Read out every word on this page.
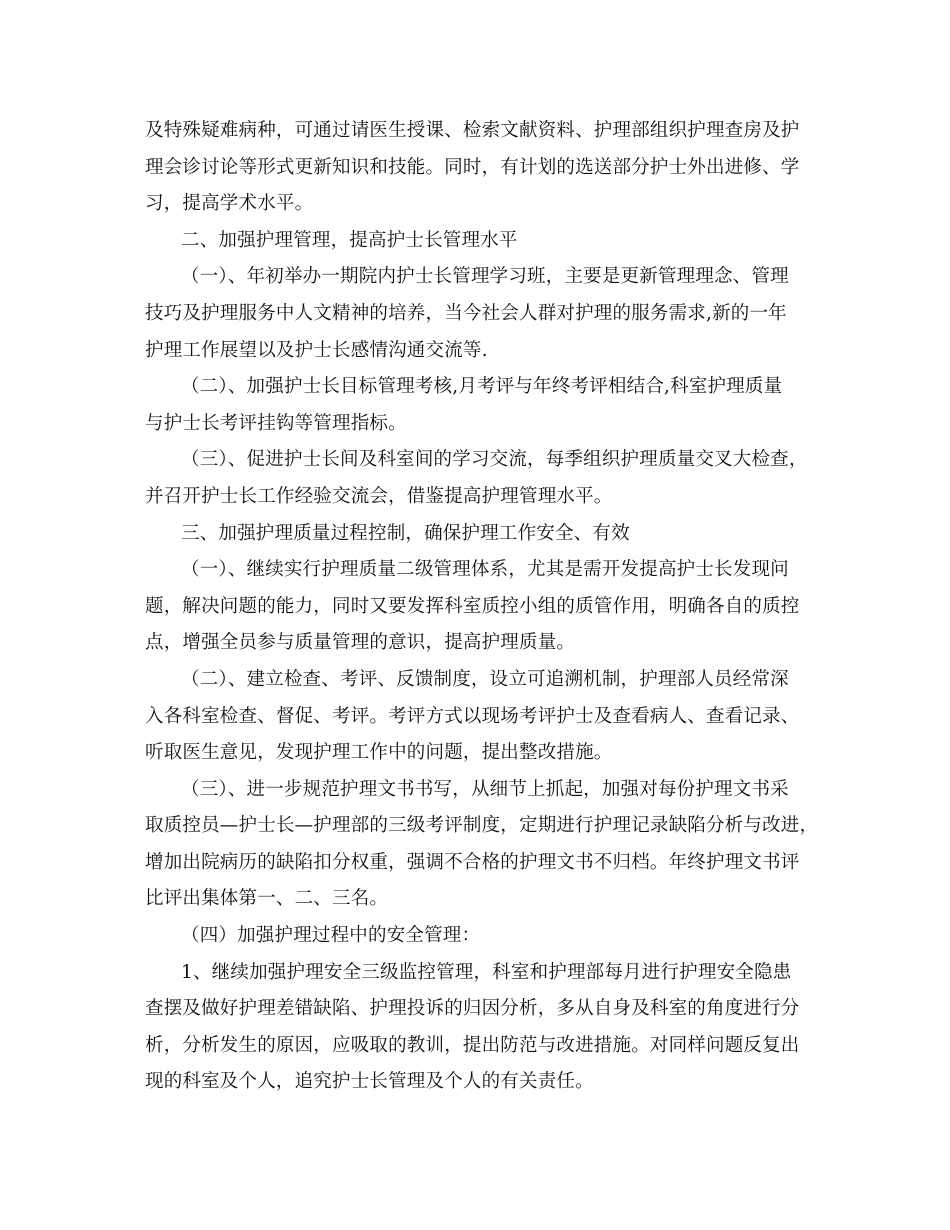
及特殊疑难病种，可通过请医生授课、检索文献资料、护理部组织护理查房及护
理会诊讨论等形式更新知识和技能。同时，有计划的选送部分护士外出进修、学
习，提高学术水平。
二、加强护理管理，提高护士长管理水平
（一）、年初举办一期院内护士长管理学习班，主要是更新管理理念、管理
技巧及护理服务中人文精神的培养，当今社会人群对护理的服务需求,新的一年
护理工作展望以及护士长感情沟通交流等.
（二）、加强护士长目标管理考核,月考评与年终考评相结合,科室护理质量
与护士长考评挂钩等管理指标。
（三）、促进护士长间及科室间的学习交流，每季组织护理质量交叉大检查，
并召开护士长工作经验交流会，借鉴提高护理管理水平。
三、加强护理质量过程控制，确保护理工作安全、有效
（一）、继续实行护理质量二级管理体系，尤其是需开发提高护士长发现问
题，解决问题的能力，同时又要发挥科室质控小组的质管作用，明确各自的质控
点，增强全员参与质量管理的意识，提高护理质量。
（二）、建立检查、考评、反馈制度，设立可追溯机制，护理部人员经常深
入各科室检查、督促、考评。考评方式以现场考评护士及查看病人、查看记录、
听取医生意见，发现护理工作中的问题，提出整改措施。
（三）、进一步规范护理文书书写，从细节上抓起，加强对每份护理文书采
取质控员—护士长—护理部的三级考评制度，定期进行护理记录缺陷分析与改进，
增加出院病历的缺陷扣分权重，强调不合格的护理文书不归档。年终护理文书评
比评出集体第一、二、三名。
（四）加强护理过程中的安全管理：
1、继续加强护理安全三级监控管理，科室和护理部每月进行护理安全隐患
查摆及做好护理差错缺陷、护理投诉的归因分析，多从自身及科室的角度进行分
析，分析发生的原因，应吸取的教训，提出防范与改进措施。对同样问题反复出
现的科室及个人，追究护士长管理及个人的有关责任。
